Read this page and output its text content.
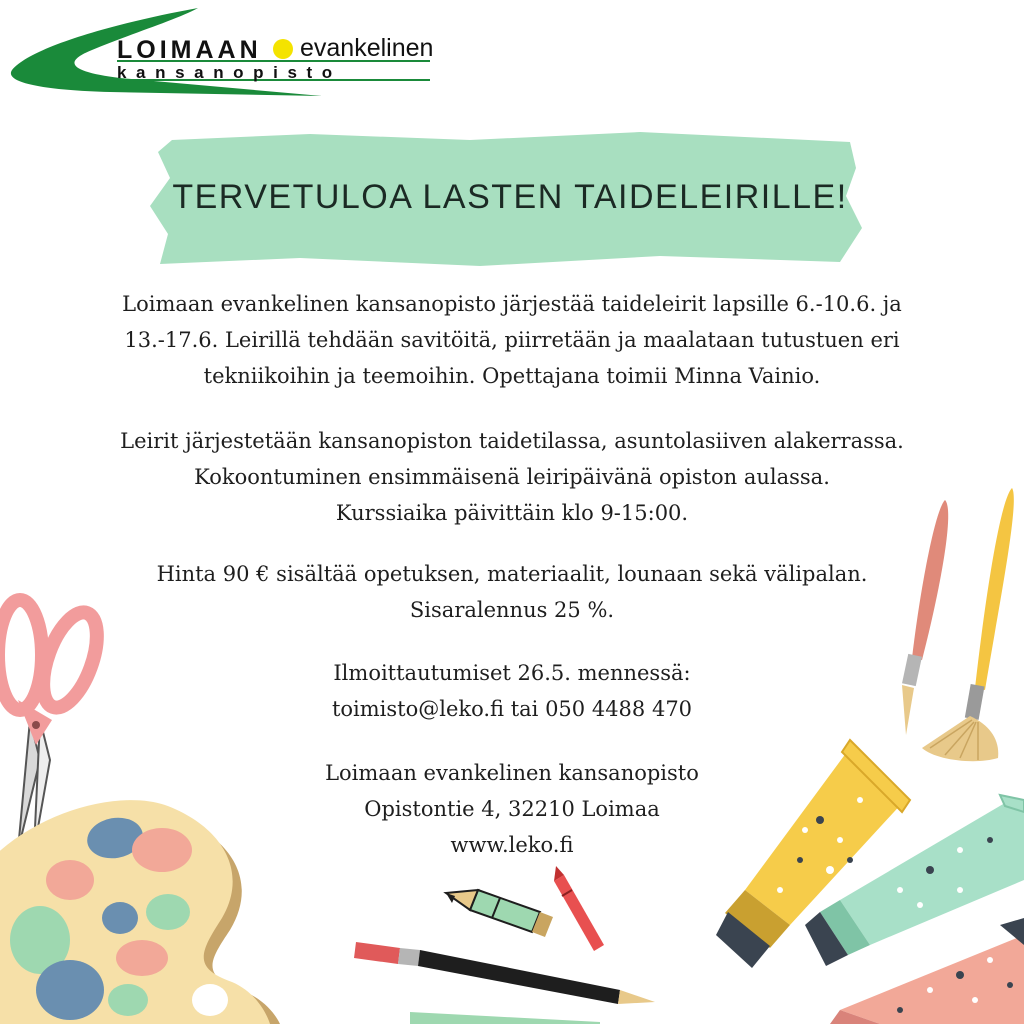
LOIMAAN evankelinen
kansanopisto
TERVETULOA LASTEN TAIDELEIRILLE!
Loimaan evankelinen kansanopisto järjestää taideleirit lapsille 6.-10.6. ja
13.-17.6. Leirillä tehdään savitöitä, piirretään ja maalataan tutustuen eri
tekniikoihin ja teemoihin. Opettajana toimii Minna Vainio.
Leirit järjestetään kansanopiston taidetilassa, asuntolasiiven alakerrassa.
Kokoontuminen ensimmäisenä leiripäivänä opiston aulassa.
Kurssiaika päivittäin klo 9-15:00.
Hinta 90 € sisältää opetuksen, materiaalit, lounaan sekä välipalan.
Sisaralennus 25 %.
Ilmoittautumiset 26.5. mennessä:
toimisto@leko.fi tai 050 4488 470
Loimaan evankelinen kansanopisto
Opistontie 4, 32210 Loimaa
www.leko.fi
